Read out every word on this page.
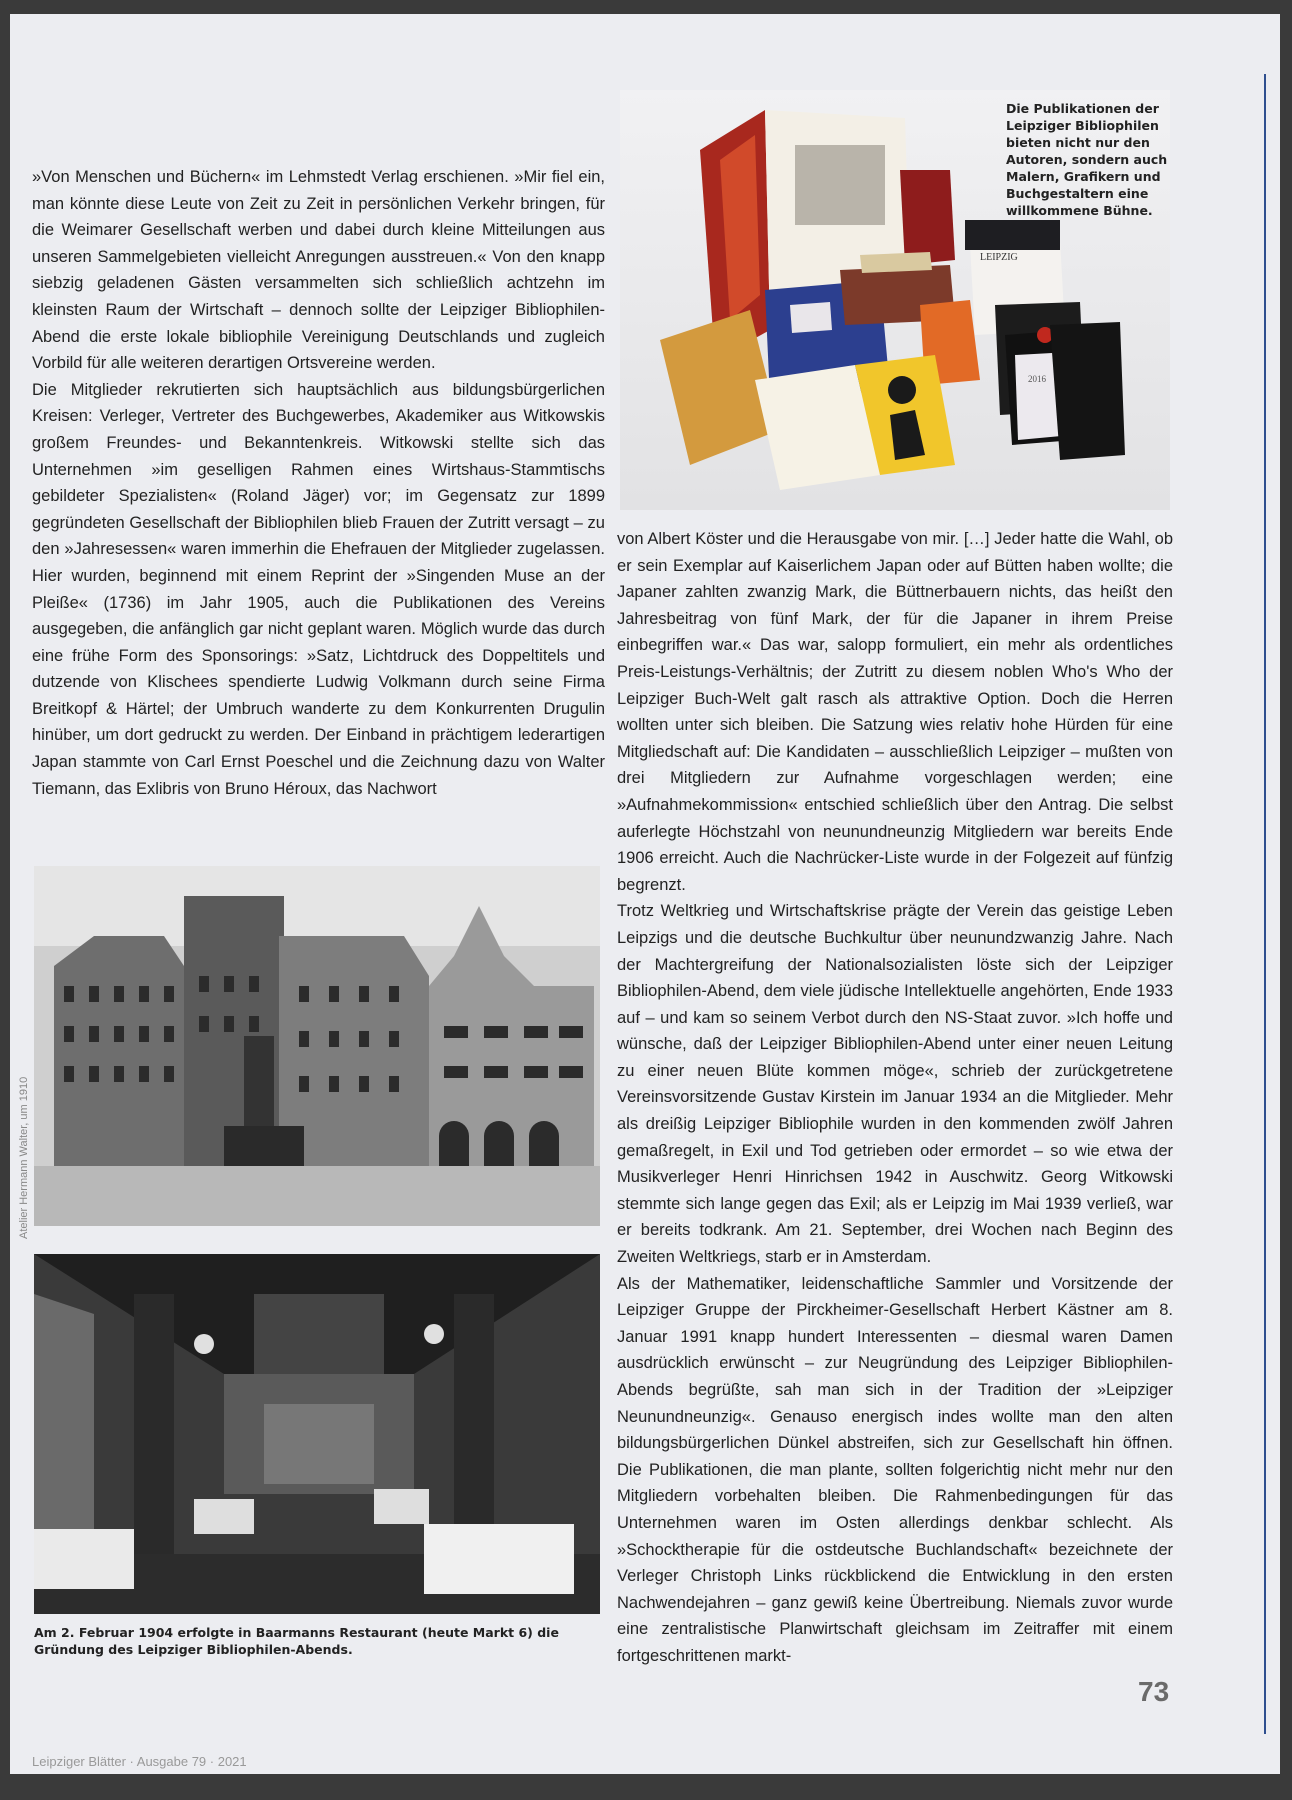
»Von Menschen und Büchern« im Lehmstedt Verlag erschienen. »Mir fiel ein, man könnte diese Leute von Zeit zu Zeit in persönlichen Verkehr bringen, für die Weimarer Gesellschaft werben und dabei durch kleine Mitteilungen aus unseren Sammelgebieten vielleicht Anregungen ausstreuen.« Von den knapp siebzig geladenen Gästen versammelten sich schließlich achtzehn im kleinsten Raum der Wirtschaft – dennoch sollte der Leipziger Bibliophilen-Abend die erste lokale bibliophile Vereinigung Deutschlands und zugleich Vorbild für alle weiteren derartigen Ortsvereine werden.

Die Mitglieder rekrutierten sich hauptsächlich aus bildungsbürgerlichen Kreisen: Verleger, Vertreter des Buchgewerbes, Akademiker aus Witkowskis großem Freundes- und Bekanntenkreis. Witkowski stellte sich das Unternehmen »im geselligen Rahmen eines Wirtshaus-Stammtischs gebildeter Spezialisten« (Roland Jäger) vor; im Gegensatz zur 1899 gegründeten Gesellschaft der Bibliophilen blieb Frauen der Zutritt versagt – zu den »Jahresessen« waren immerhin die Ehefrauen der Mitglieder zugelassen. Hier wurden, beginnend mit einem Reprint der »Singenden Muse an der Pleiße« (1736) im Jahr 1905, auch die Publikationen des Vereins ausgegeben, die anfänglich gar nicht geplant waren. Möglich wurde das durch eine frühe Form des Sponsorings: »Satz, Lichtdruck des Doppeltitels und dutzende von Klischees spendierte Ludwig Volkmann durch seine Firma Breitkopf & Härtel; der Umbruch wanderte zu dem Konkurrenten Drugulin hinüber, um dort gedruckt zu werden. Der Einband in prächtigem lederartigen Japan stammte von Carl Ernst Poeschel und die Zeichnung dazu von Walter Tiemann, das Exlibris von Bruno Héroux, das Nachwort

LEIPZIG
2016
Die Publikationen der Leipziger Bibliophilen bieten nicht nur den Autoren, sondern auch Malern, Grafikern und Buchgestaltern eine willkommene Bühne.

von Albert Köster und die Herausgabe von mir. […] Jeder hatte die Wahl, ob er sein Exemplar auf Kaiserlichem Japan oder auf Bütten haben wollte; die Japaner zahlten zwanzig Mark, die Büttnerbauern nichts, das heißt den Jahresbeitrag von fünf Mark, der für die Japaner in ihrem Preise einbegriffen war.« Das war, salopp formuliert, ein mehr als ordentliches Preis-Leistungs-Verhältnis; der Zutritt zu diesem noblen Who's Who der Leipziger Buch-Welt galt rasch als attraktive Option. Doch die Herren wollten unter sich bleiben. Die Satzung wies relativ hohe Hürden für eine Mitgliedschaft auf: Die Kandidaten – ausschließlich Leipziger – mußten von drei Mitgliedern zur Aufnahme vorgeschlagen werden; eine »Aufnahmekommission« entschied schließlich über den Antrag. Die selbst auferlegte Höchstzahl von neunundneunzig Mitgliedern war bereits Ende 1906 erreicht. Auch die Nachrücker-Liste wurde in der Folgezeit auf fünfzig begrenzt.

Trotz Weltkrieg und Wirtschaftskrise prägte der Verein das geistige Leben Leipzigs und die deutsche Buchkultur über neunundzwanzig Jahre. Nach der Machtergreifung der Nationalsozialisten löste sich der Leipziger Bibliophilen-Abend, dem viele jüdische Intellektuelle angehörten, Ende 1933 auf – und kam so seinem Verbot durch den NS-Staat zuvor. »Ich hoffe und wünsche, daß der Leipziger Bibliophilen-Abend unter einer neuen Leitung zu einer neuen Blüte kommen möge«, schrieb der zurückgetretene Vereinsvorsitzende Gustav Kirstein im Januar 1934 an die Mitglieder. Mehr als dreißig Leipziger Bibliophile wurden in den kommenden zwölf Jahren gemaßregelt, in Exil und Tod getrieben oder ermordet – so wie etwa der Musikverleger Henri Hinrichsen 1942 in Auschwitz. Georg Witkowski stemmte sich lange gegen das Exil; als er Leipzig im Mai 1939 verließ, war er bereits todkrank. Am 21. September, drei Wochen nach Beginn des Zweiten Weltkriegs, starb er in Amsterdam.

Als der Mathematiker, leidenschaftliche Sammler und Vorsitzende der Leipziger Gruppe der Pirckheimer-Gesellschaft Herbert Kästner am 8. Januar 1991 knapp hundert Interessenten – diesmal waren Damen ausdrücklich erwünscht – zur Neugründung des Leipziger Bibliophilen-Abends begrüßte, sah man sich in der Tradition der »Leipziger Neunundneunzig«. Genauso energisch indes wollte man den alten bildungsbürgerlichen Dünkel abstreifen, sich zur Gesellschaft hin öffnen. Die Publikationen, die man plante, sollten folgerichtig nicht mehr nur den Mitgliedern vorbehalten bleiben. Die Rahmenbedingungen für das Unternehmen waren im Osten allerdings denkbar schlecht. Als »Schocktherapie für die ostdeutsche Buchlandschaft« bezeichnete der Verleger Christoph Links rückblickend die Entwicklung in den ersten Nachwendejahren – ganz gewiß keine Übertreibung. Niemals zuvor wurde eine zentralistische Planwirtschaft gleichsam im Zeitraffer mit einem fortgeschrittenen markt-

Atelier Hermann Walter, um 1910
Am 2. Februar 1904 erfolgte in Baarmanns Restaurant (heute Markt 6) die Gründung des Leipziger Bibliophilen-Abends.
73
Leipziger Blätter · Ausgabe 79 · 2021
